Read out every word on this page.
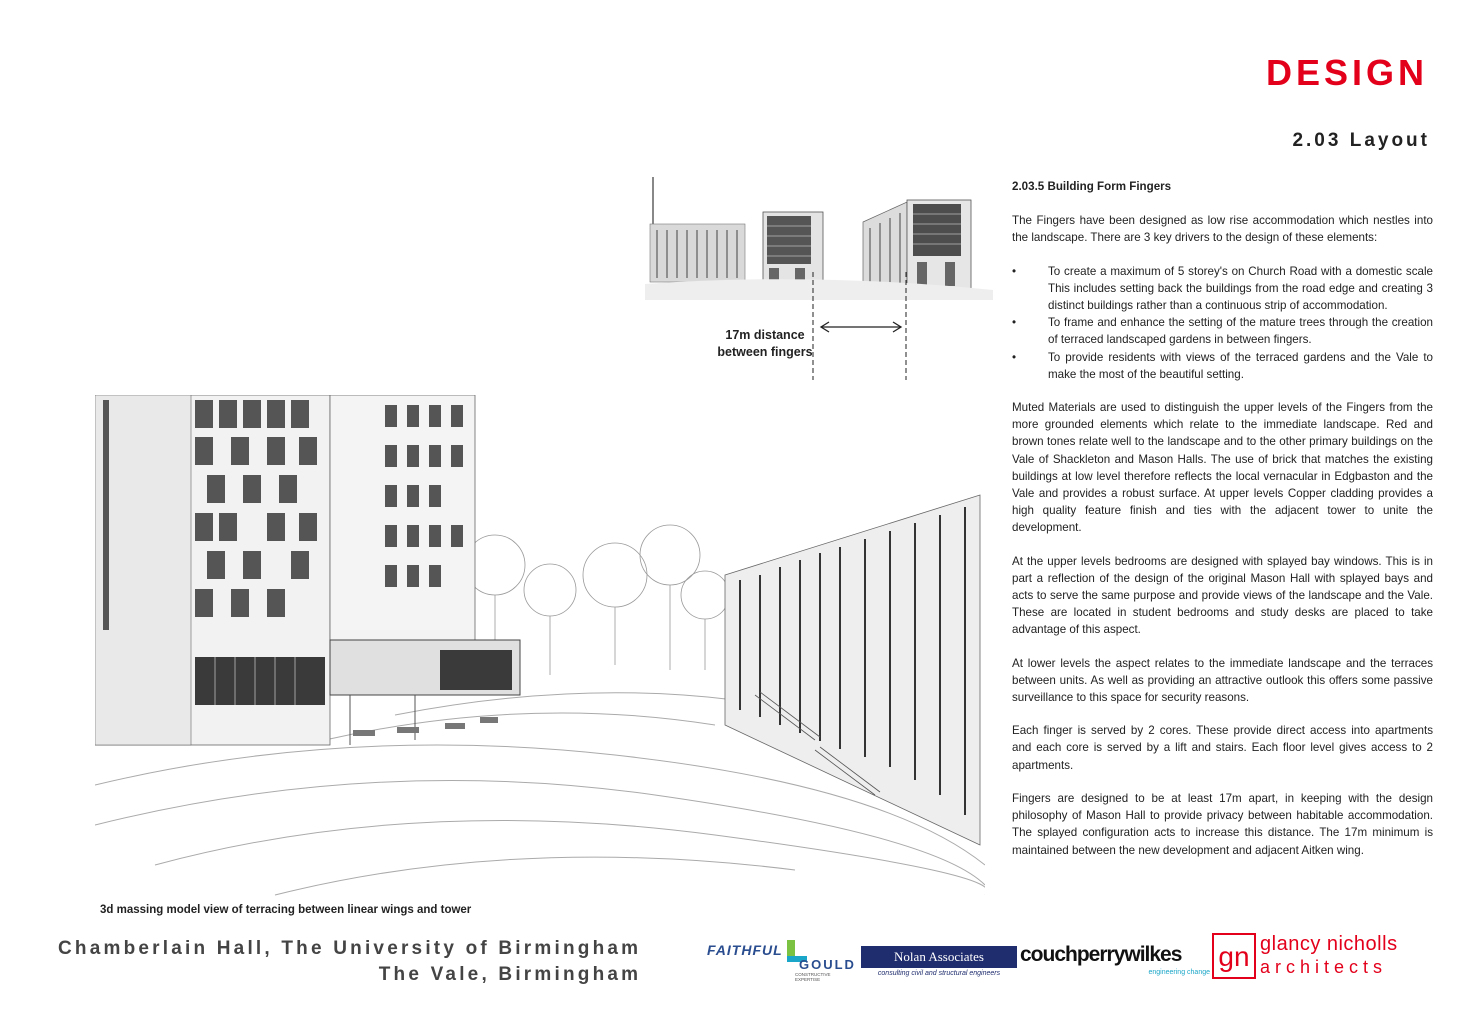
DESIGN
2.03 Layout
17m distance
between fingers
3d massing model view of terracing between linear wings and tower
2.03.5 Building Form Fingers

The Fingers have been designed as low rise accommodation which nestles into the landscape. There are 3 key drivers to the design of these elements:

•	To create a maximum of 5 storey's on Church Road with a domestic scale This includes setting back the buildings from the road edge and creating 3 distinct buildings rather than a continuous strip of accommodation.
•	To frame and enhance the setting of the mature trees through the creation of terraced landscaped gardens in between fingers.
•	To provide residents with views of the terraced gardens and the Vale to make the most of the beautiful setting.

Muted Materials are used to distinguish the upper levels of the Fingers from the more grounded elements which relate to the immediate landscape. Red and brown tones relate well to the landscape and to the other primary buildings on the Vale of Shackleton and Mason Halls. The use of brick that matches the existing buildings at low level therefore reflects the local vernacular in Edgbaston and the Vale and provides a robust surface. At upper levels Copper cladding provides a high quality feature finish and ties with the adjacent tower to unite the development.

At the upper levels bedrooms are designed with splayed bay windows. This is in part a reflection of the design of the original Mason Hall with splayed bays and acts to serve the same purpose and provide views of the landscape and the Vale. These are located in student bedrooms and study desks are placed to take advantage of this aspect.

At lower levels the aspect relates to the immediate landscape and the terraces between units. As well as providing an attractive outlook this offers some passive surveillance to this space for security reasons.

Each finger is served by 2 cores. These provide direct access into apartments and each core is served by a lift and stairs. Each floor level gives access to 2 apartments.

Fingers are designed to be at least 17m apart, in keeping with the design philosophy of Mason Hall to provide privacy between habitable accommodation. The splayed configuration acts to increase this distance. The 17m minimum is maintained between the new development and adjacent Aitken wing.

Chamberlain Hall, The University of Birmingham
The Vale, Birmingham
FAITHFUL
GOULD
CONSTRUCTIVE EXPERTISE
Nolan Associates
consulting civil and structural engineers
couchperrywilkes
engineering change
gn glancy nicholls
architects
